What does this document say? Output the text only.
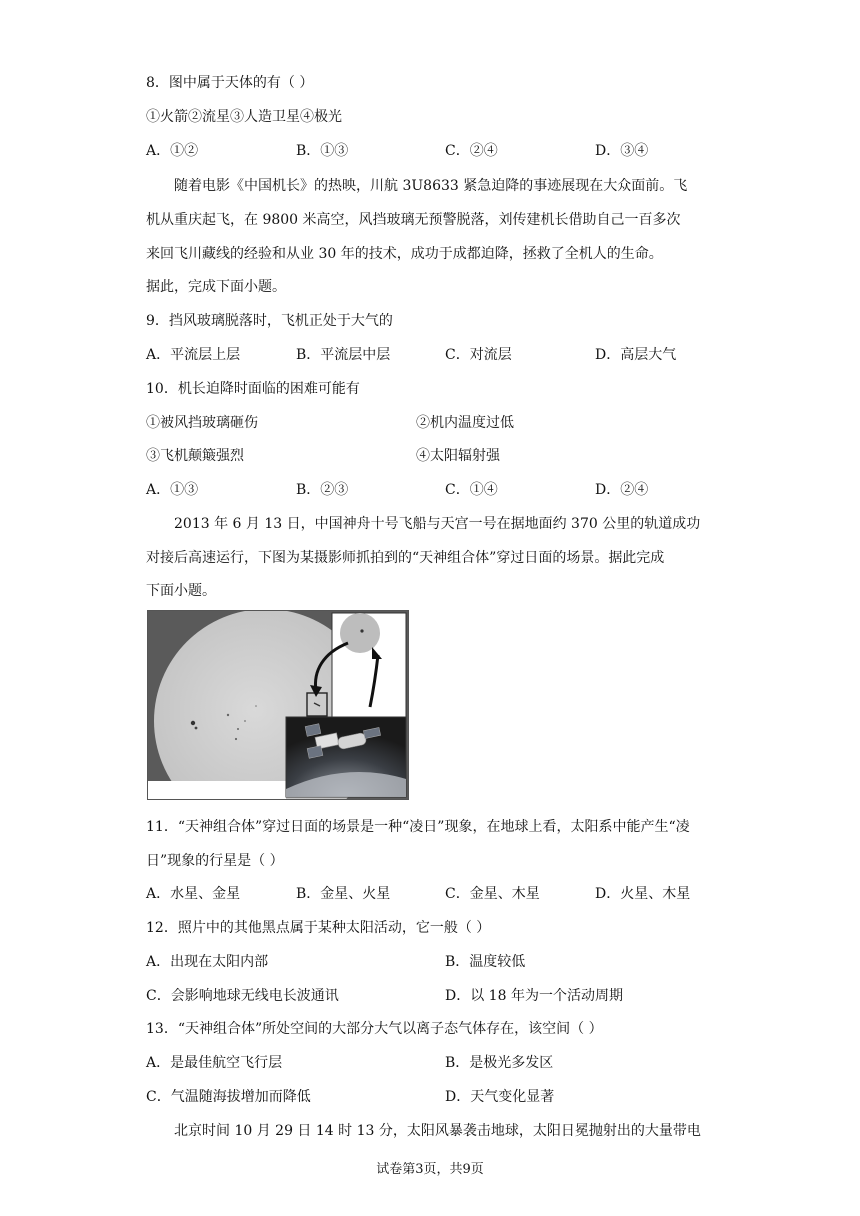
8．图中属于天体的有（ ）
①火箭②流星③人造卫星④极光
A．①②	B．①③	C．②④	D．③④
随着电影《中国机长》的热映，川航 3U8633 紧急迫降的事迹展现在大众面前。飞
机从重庆起飞，在 9800 米高空，风挡玻璃无预警脱落，刘传建机长借助自己一百多次
来回飞川藏线的经验和从业 30 年的技术，成功于成都迫降，拯救了全机人的生命。
据此，完成下面小题。
9．挡风玻璃脱落时，飞机正处于大气的
A．平流层上层	B．平流层中层	C．对流层	D．高层大气
10．机长迫降时面临的困难可能有
①被风挡玻璃砸伤	②机内温度过低
③飞机颠簸强烈	④太阳辐射强
A．①③	B．②③	C．①④	D．②④
2013 年 6 月 13 日，中国神舟十号飞船与天宫一号在据地面约 370 公里的轨道成功
对接后高速运行，下图为某摄影师抓拍到的“天神组合体”穿过日面的场景。据此完成
下面小题。
11．“天神组合体”穿过日面的场景是一种“凌日”现象，在地球上看，太阳系中能产生“凌
日”现象的行星是（ ）
A．水星、金星	B．金星、火星	C．金星、木星	D．火星、木星
12．照片中的其他黑点属于某种太阳活动，它一般（ ）
A．出现在太阳内部	B．温度较低
C．会影响地球无线电长波通讯	D．以 18 年为一个活动周期
13．“天神组合体”所处空间的大部分大气以离子态气体存在，该空间（ ）
A．是最佳航空飞行层	B．是极光多发区
C．气温随海拔增加而降低	D．天气变化显著
北京时间 10 月 29 日 14 时 13 分，太阳风暴袭击地球，太阳日冕抛射出的大量带电
试卷第3页，共9页
